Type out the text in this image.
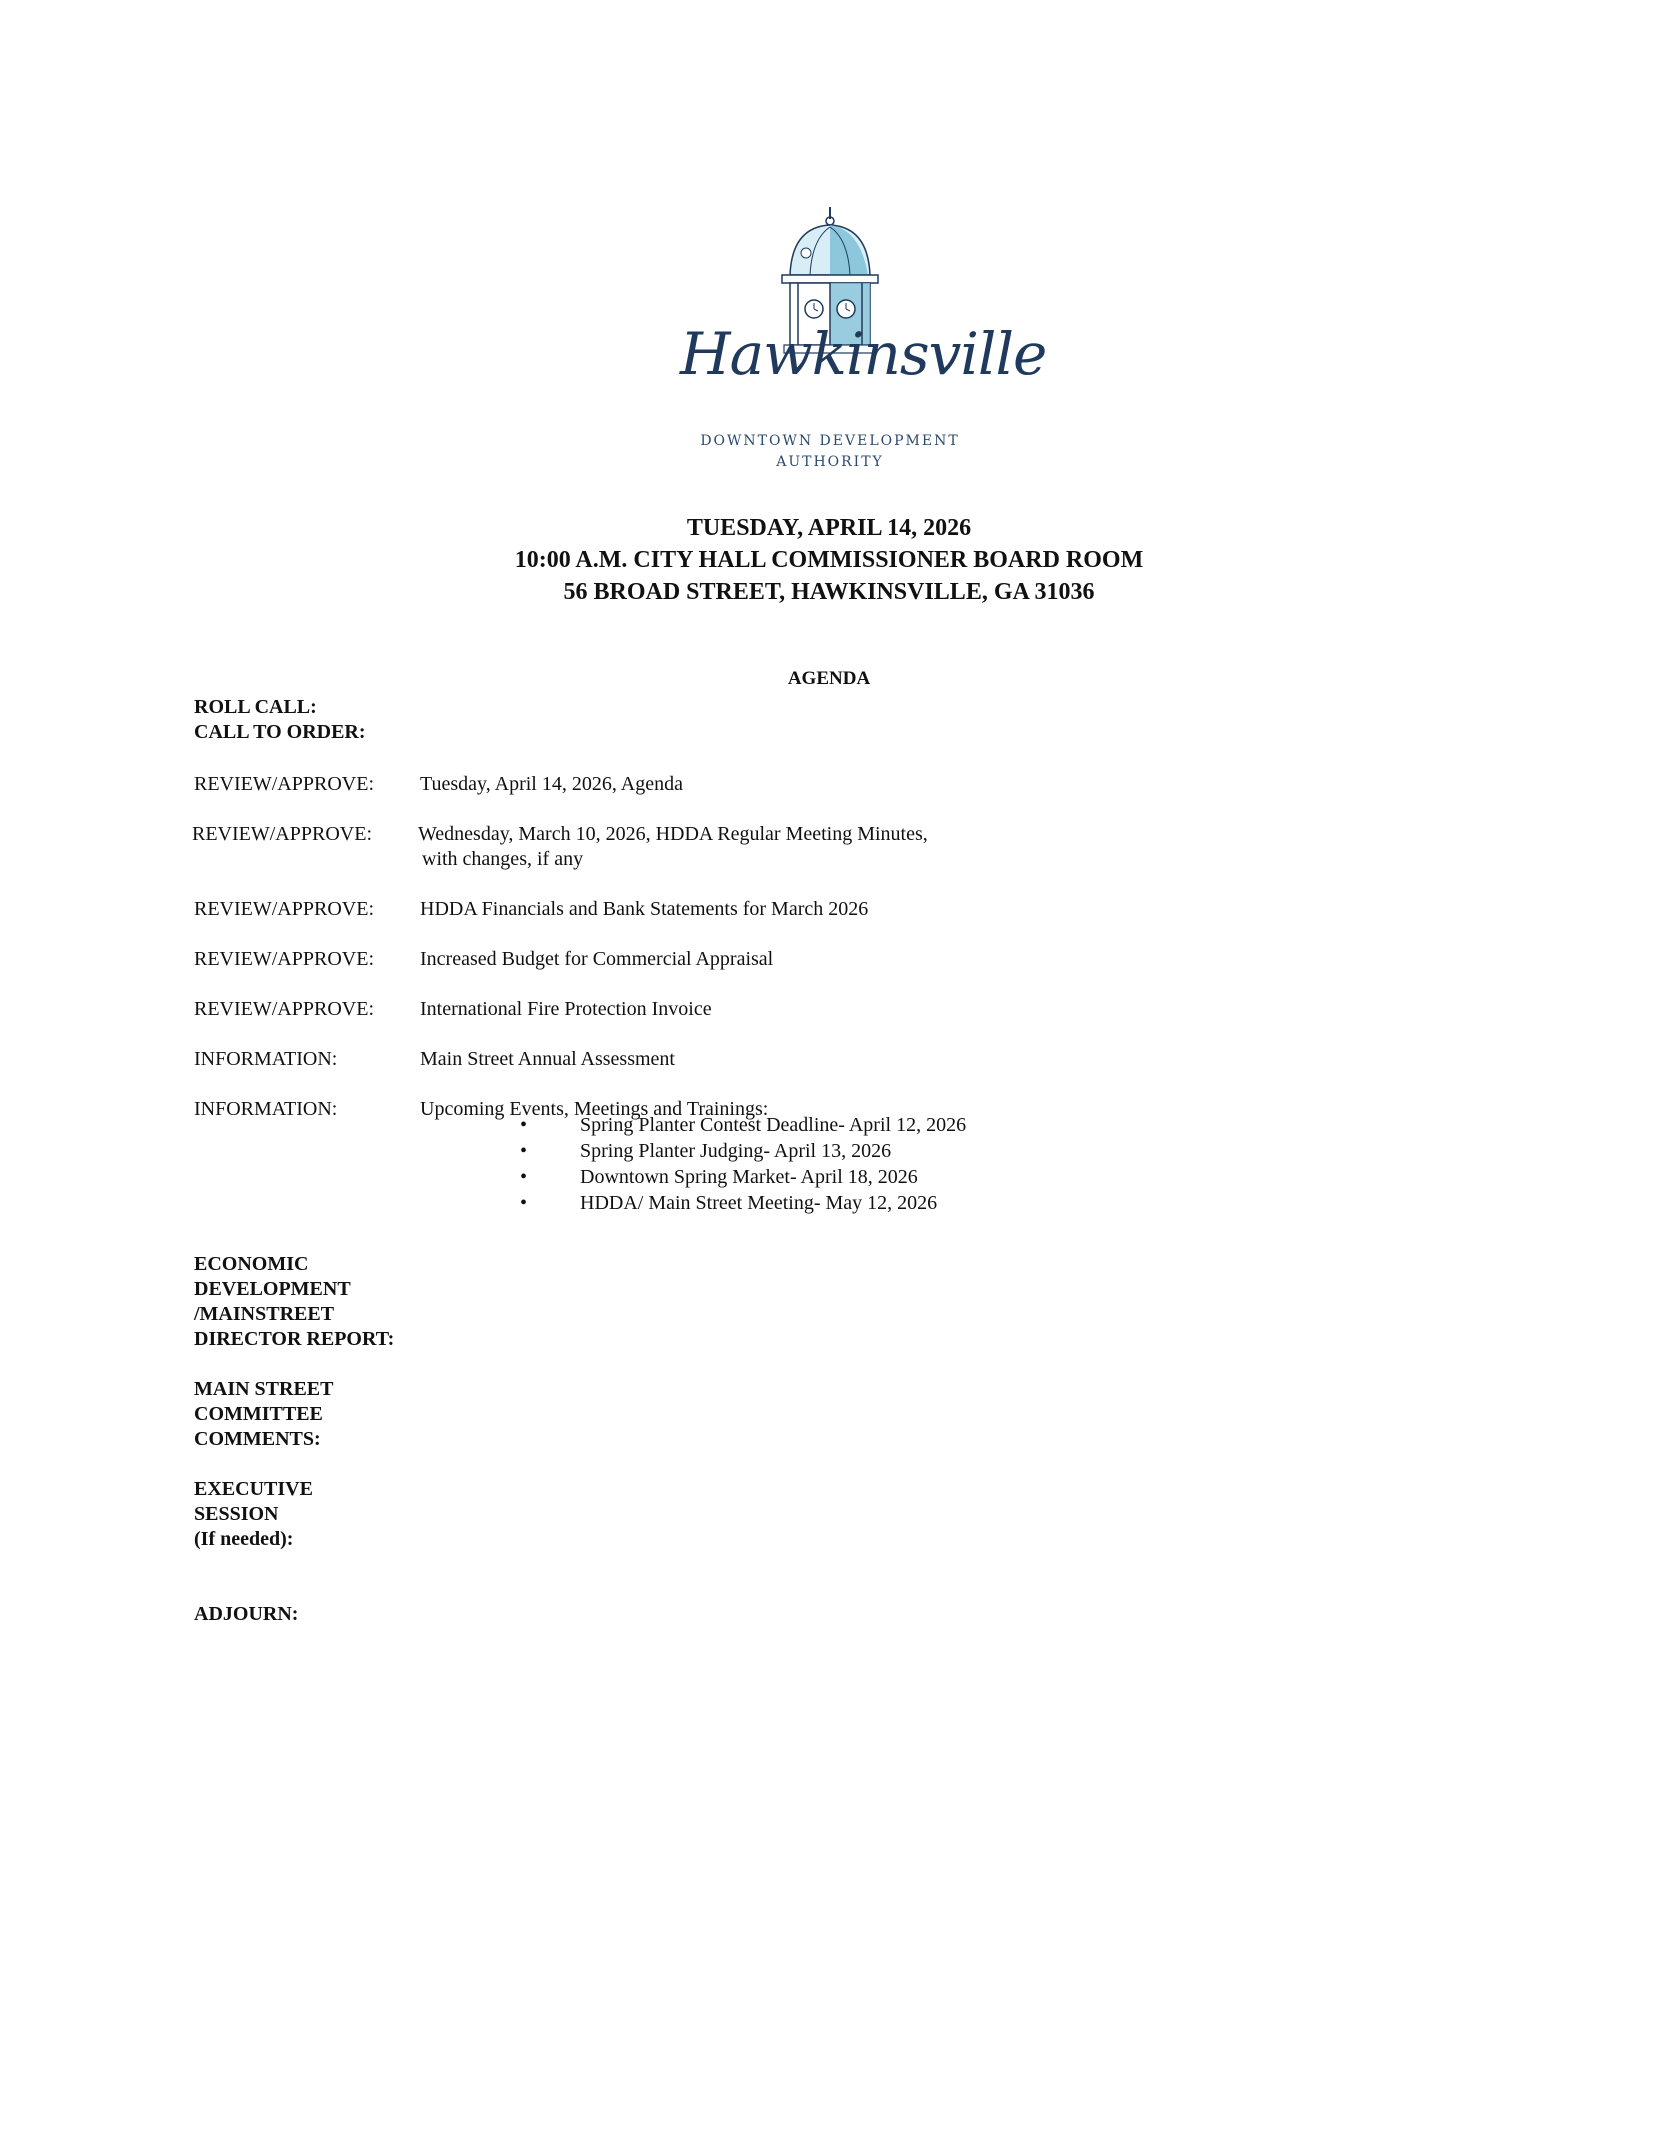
Hawkinsville
DOWNTOWN DEVELOPMENT
AUTHORITY
TUESDAY, APRIL 14, 2026
10:00 A.M. CITY HALL COMMISSIONER BOARD ROOM
56 BROAD STREET, HAWKINSVILLE, GA 31036
AGENDA
ROLL CALL:
CALL TO ORDER:
REVIEW/APPROVE: Tuesday, April 14, 2026, Agenda
REVIEW/APPROVE: Wednesday, March 10, 2026, HDDA Regular Meeting Minutes,
with changes, if any
REVIEW/APPROVE: HDDA Financials and Bank Statements for March 2026
REVIEW/APPROVE: Increased Budget for Commercial Appraisal
REVIEW/APPROVE: International Fire Protection Invoice
INFORMATION:	Main Street Annual Assessment
INFORMATION:	Upcoming Events, Meetings and Trainings:
•	Spring Planter Contest Deadline- April 12, 2026
•	Spring Planter Judging- April 13, 2026
•	Downtown Spring Market- April 18, 2026
•	HDDA/ Main Street Meeting- May 12, 2026
ECONOMIC
DEVELOPMENT
/MAINSTREET
DIRECTOR REPORT:
MAIN STREET
COMMITTEE
COMMENTS:
EXECUTIVE
SESSION
(If needed):
ADJOURN:
